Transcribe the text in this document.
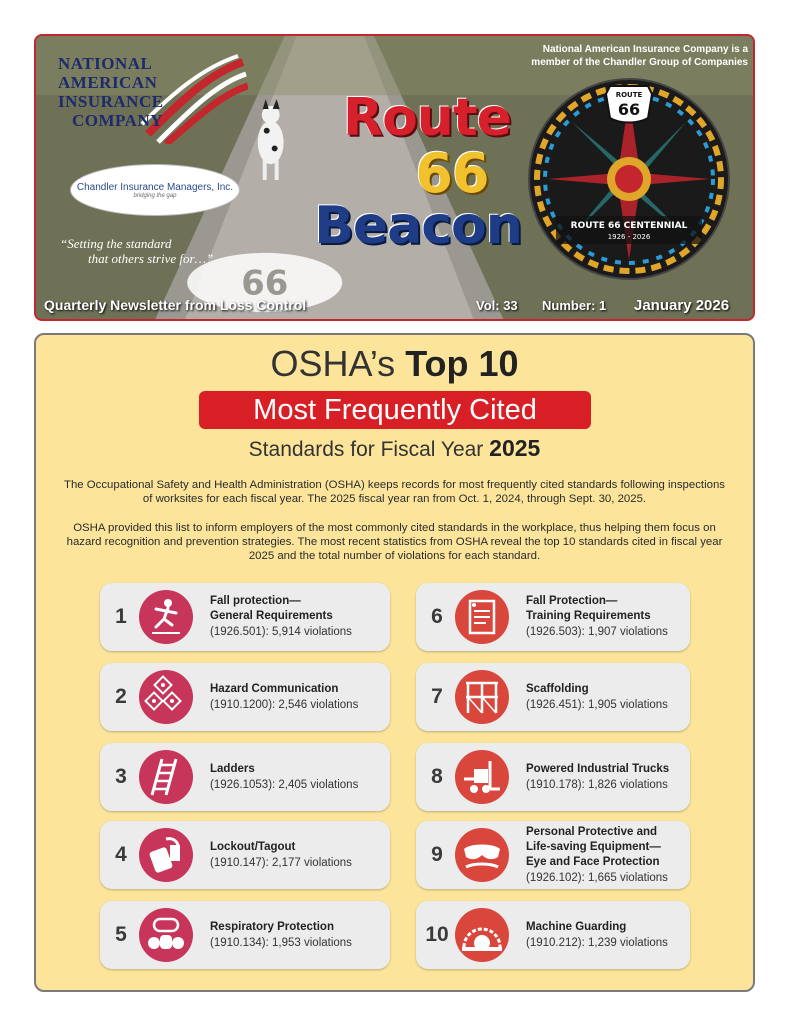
66
NATIONAL
AMERICAN
INSURANCE
COMPANY
Chandler Insurance Managers, Inc.
bridging the gap
“Setting the standard
that others strive for…”
Route
66
Beacon
National American Insurance Company is a member of the Chandler Group of Companies
ROUTE
66
ROUTE 66 CENTENNIAL
1926 - 2026
Quarterly Newsletter from Loss Control	Vol: 33 Number: 1 January 2026
OSHA’s Top 10
Most Frequently Cited
Standards for Fiscal Year 2025

The Occupational Safety and Health Administration (OSHA) keeps records for most frequently cited standards following inspections of worksites for each fiscal year. The 2025 fiscal year ran from Oct. 1, 2024, through Sept. 30, 2025.

OSHA provided this list to inform employers of the most commonly cited standards in the workplace, thus helping them focus on hazard recognition and prevention strategies. The most recent statistics from OSHA reveal the top 10 standards cited in fiscal year 2025 and the total number of violations for each standard.

1
Fall protection—
General Requirements
(1926.501): 5,914 violations
2	Hazard Communication
(1910.1200): 2,546 violations
3	Ladders
(1926.1053): 2,405 violations
4	Lockout/Tagout
(1910.147): 2,177 violations
5	Respiratory Protection
(1910.134): 1,953 violations
6
Fall Protection—
Training Requirements
(1926.503): 1,907 violations
7	Scaffolding
(1926.451): 1,905 violations
8	Powered Industrial Trucks
(1910.178): 1,826 violations
9
Personal Protective and
Life-saving Equipment—
Eye and Face Protection
(1926.102): 1,665 violations
10	Machine Guarding
(1910.212): 1,239 violations
